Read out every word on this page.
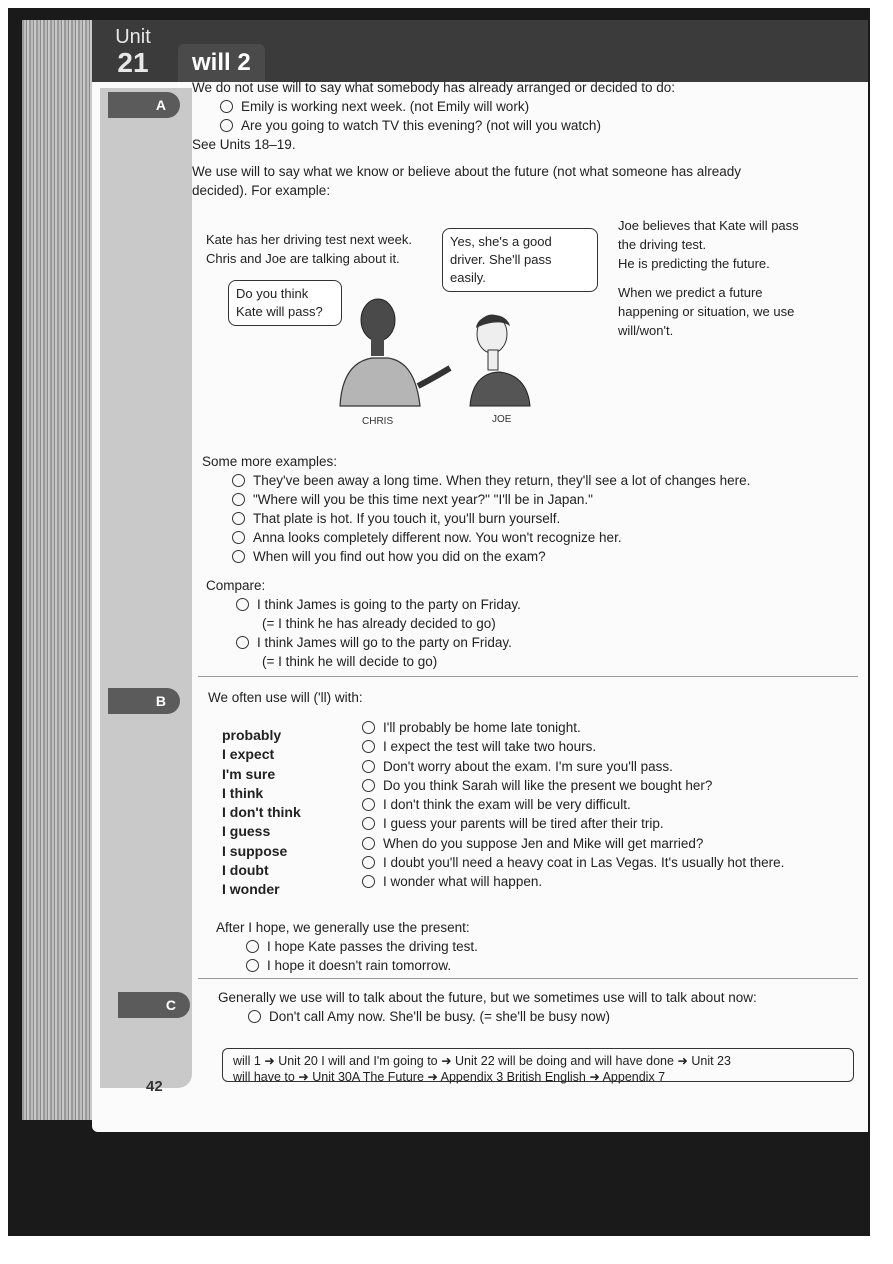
Unit
21	will 2
A
B
C

We do not use will to say what somebody has already arranged or decided to do:

Emily is working next week. (not Emily will work)
Are you going to watch TV this evening? (not will you watch)

See Units 18–19.

We use will to say what we know or believe about the future (not what someone has already decided). For example:

Kate has her driving test next week. Chris and Joe are talking about it.
Do you think Kate will pass?
Yes, she's a good driver. She'll pass easily.
CHRIS	JOE

Joe believes that Kate will pass the driving test.

He is predicting the future.

When we predict a future happening or situation, we use will/won't.

Some more examples:

They've been away a long time. When they return, they'll see a lot of changes here.
"Where will you be this time next year?" "I'll be in Japan."
That plate is hot. If you touch it, you'll burn yourself.
Anna looks completely different now. You won't recognize her.
When will you find out how you did on the exam?

Compare:

I think James is going to the party on Friday.

(= I think he has already decided to go)

I think James will go to the party on Friday.

(= I think he will decide to go)

We often use will ('ll) with:
probably
I expect
I'm sure
I think
I don't think
I guess
I suppose
I doubt
I wonder
I'll probably be home late tonight.
I expect the test will take two hours.
Don't worry about the exam. I'm sure you'll pass.
Do you think Sarah will like the present we bought her?
I don't think the exam will be very difficult.
I guess your parents will be tired after their trip.
When do you suppose Jen and Mike will get married?
I doubt you'll need a heavy coat in Las Vegas. It's usually hot there.
I wonder what will happen.

After I hope, we generally use the present:

I hope Kate passes the driving test.
I hope it doesn't rain tomorrow.

Generally we use will to talk about the future, but we sometimes use will to talk about now:

Don't call Amy now. She'll be busy. (= she'll be busy now)
will 1 ➜ Unit 20 I will and I'm going to ➜ Unit 22 will be doing and will have done ➜ Unit 23
will have to ➜ Unit 30A The Future ➜ Appendix 3 British English ➜ Appendix 7
42
